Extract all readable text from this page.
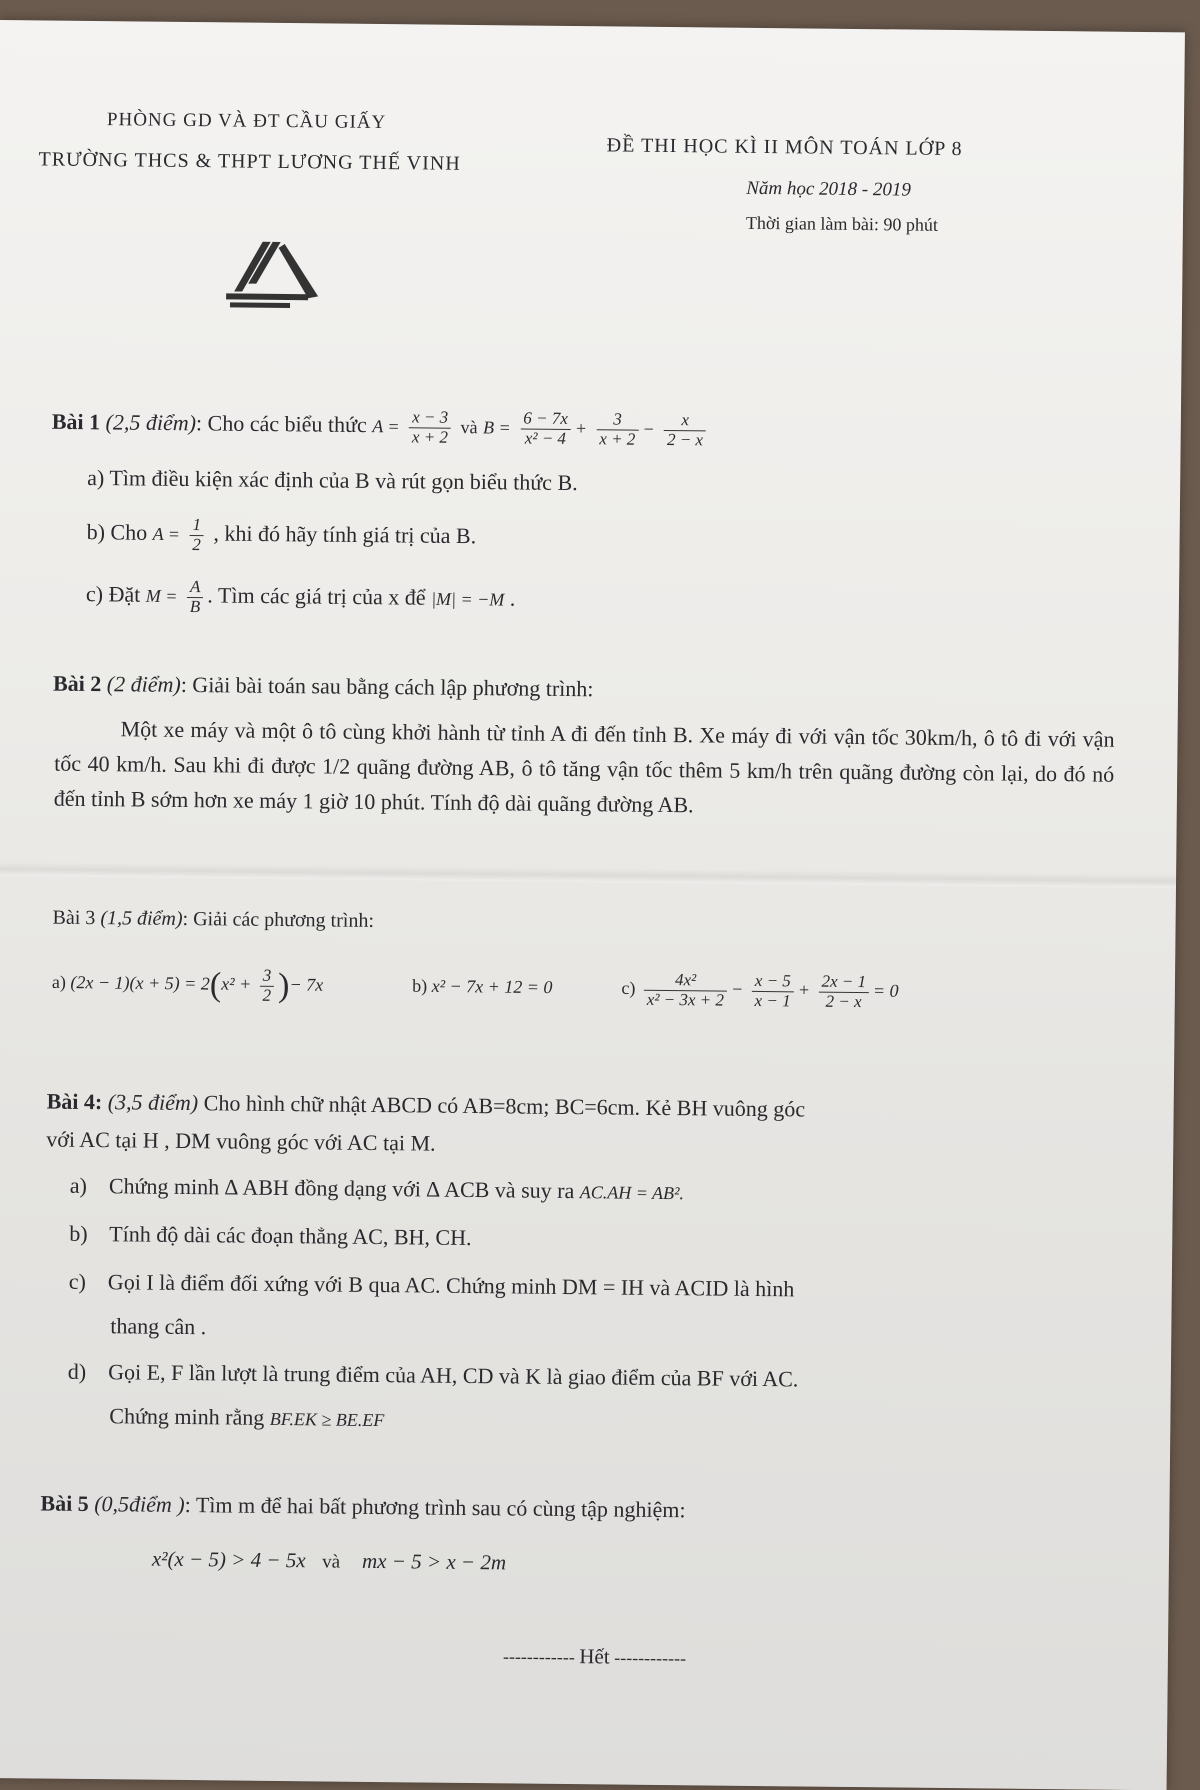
PHÒNG GD VÀ ĐT CẦU GIẤY
TRƯỜNG THCS & THPT LƯƠNG THẾ VINH
ĐỀ THI HỌC KÌ II MÔN TOÁN LỚP 8
Năm học 2018 - 2019
Thời gian làm bài: 90 phút
Bài 1 (2,5 điểm): Cho các biểu thức $A = \frac{x - 3}{x + 2}$ và $B = \frac{6 - 7x}{\text{x² − 4}} + \frac{3}{x + 2} - \frac{x}{2 - x}$
a) Tìm điều kiện xác định của B và rút gọn biểu thức B.
b) Cho $A = \frac{1}{2}$ , khi đó hãy tính giá trị của B.
c) Đặt $M = \frac{A}{B}$ . Tìm các giá trị của x để |M| = −M .
Bài 2 (2 điểm): Giải bài toán sau bằng cách lập phương trình:
Một xe máy và một ô tô cùng khởi hành từ tỉnh A đi đến tỉnh B. Xe máy đi với vận tốc 30km/h, ô tô đi với vận tốc 40 km/h. Sau khi đi được 1/2 quãng đường AB, ô tô tăng vận tốc thêm 5 km/h trên quãng đường còn lại, do đó nó đến tỉnh B sớm hơn xe máy 1 giờ 10 phút. Tính độ dài quãng đường AB.
Bài 3 (1,5 điểm): Giải các phương trình:
a) $(2x - 1)(x + 5) = 2(x^2 + \frac{3}{2}$ )− 7x	b) x² − 7x + 12 = 0	$c) \frac{\text{4x²}}{\text{x² − 3x + 2}} - \frac{x - 5}{x - 1} + \frac{2x - 1}{2 - x} = 0$
Bài 4: (3,5 điểm) Cho hình chữ nhật ABCD có AB=8cm; BC=6cm. Kẻ BH vuông góc
với AC tại H , DM vuông góc với AC tại M.
a) Chứng minh ∆ ABH đồng dạng với ∆ ACB và suy ra AC.AH = AB².
b) Tính độ dài các đoạn thẳng AC, BH, CH.
c) Gọi I là điểm đối xứng với B qua AC. Chứng minh DM = IH và ACID là hình
thang cân .
d) Gọi E, F lần lượt là trung điểm của AH, CD và K là giao điểm của BF với AC.
Chứng minh rằng BF.EK ≥ BE.EF
Bài 5 (0,5điểm ): Tìm m để hai bất phương trình sau có cùng tập nghiệm:
x²(x − 5) > 4 − 5x và mx − 5 > x − 2m
------------ Hết ------------
